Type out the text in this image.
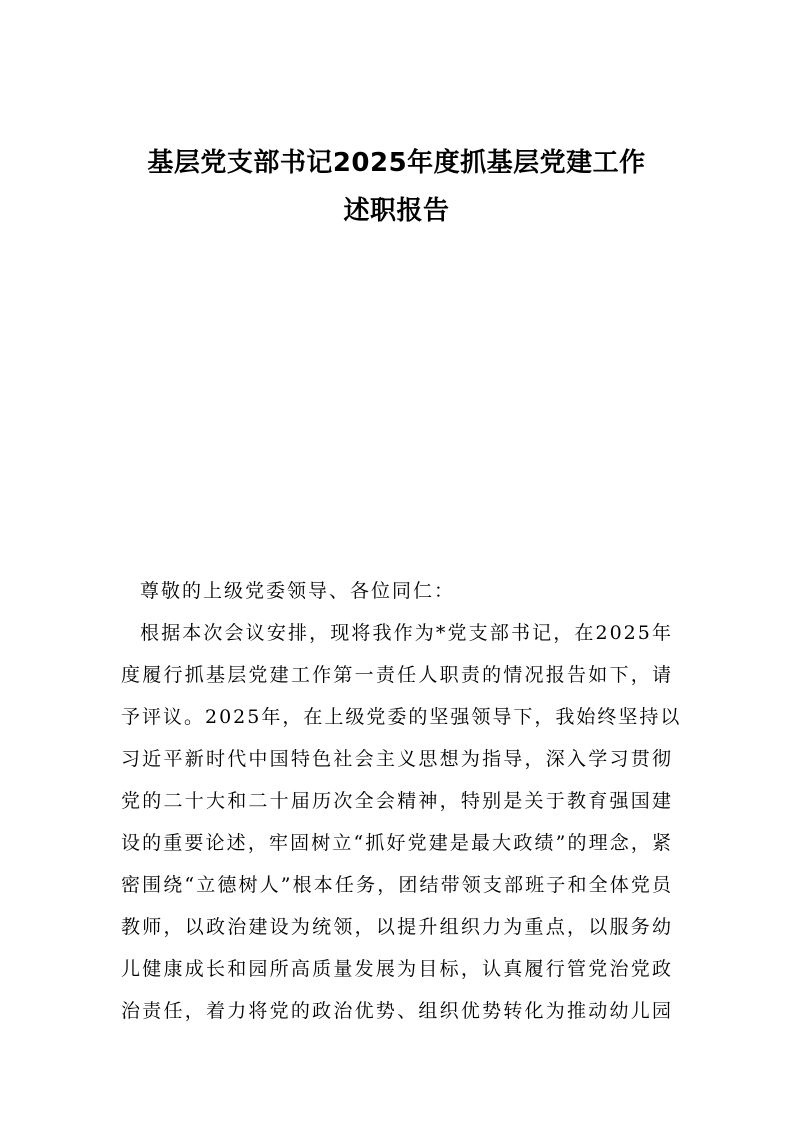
基层党支部书记2025年度抓基层党建工作
述职报告

尊敬的上级党委领导、各位同仁：

根据本次会议安排，现将我作为*党支部书记，在2025年
度履行抓基层党建工作第一责任人职责的情况报告如下，请
予评议。2025年，在上级党委的坚强领导下，我始终坚持以
习近平新时代中国特色社会主义思想为指导，深入学习贯彻
党的二十大和二十届历次全会精神，特别是关于教育强国建
设的重要论述，牢固树立“抓好党建是最大政绩”的理念，紧
密围绕“立德树人”根本任务，团结带领支部班子和全体党员
教师，以政治建设为统领，以提升组织力为重点，以服务幼
儿健康成长和园所高质量发展为目标，认真履行管党治党政
治责任，着力将党的政治优势、组织优势转化为推动幼儿园
